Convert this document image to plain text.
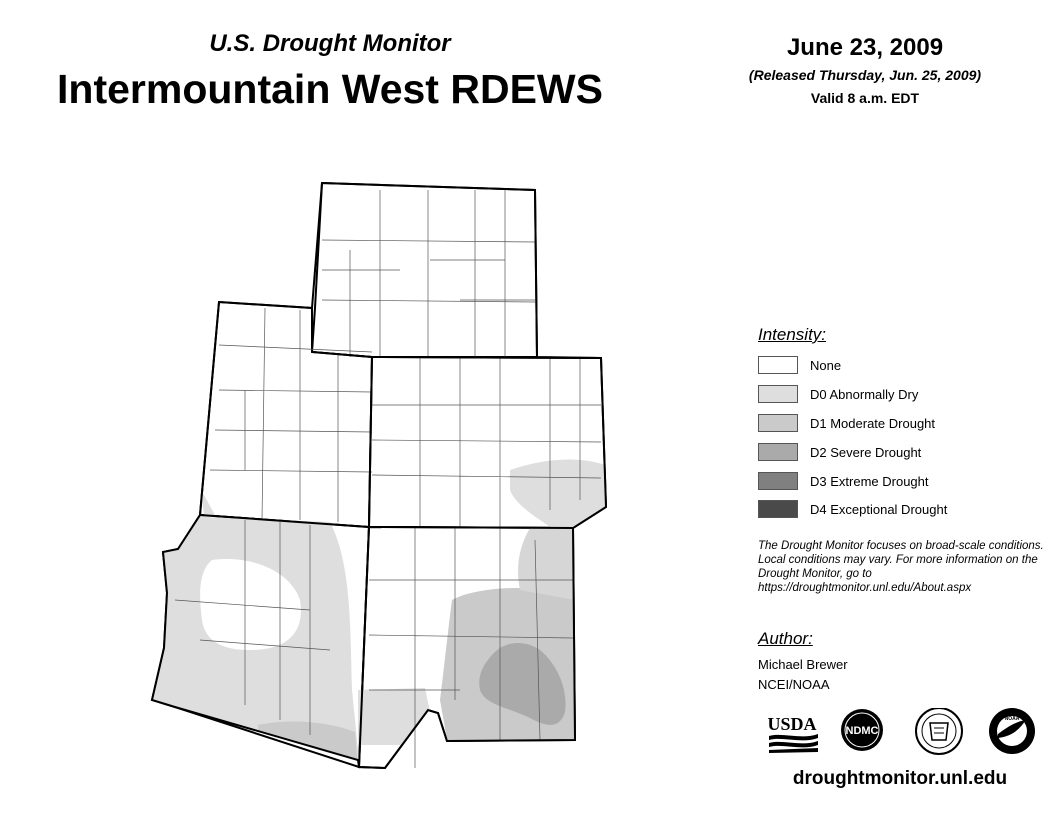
U.S. Drought Monitor
Intermountain West RDEWS
June 23, 2009
(Released Thursday, Jun. 25, 2009)
Valid 8 a.m. EDT
Intensity:
None
D0 Abnormally Dry
D1 Moderate Drought
D2 Severe Drought
D3 Extreme Drought
D4 Exceptional Drought
The Drought Monitor focuses on broad-scale conditions. Local conditions may vary. For more information on the Drought Monitor, go to https://droughtmonitor.unl.edu/About.aspx
Author:
Michael Brewer
NCEI/NOAA
USDA	NDMC
NOAA
droughtmonitor.unl.edu
